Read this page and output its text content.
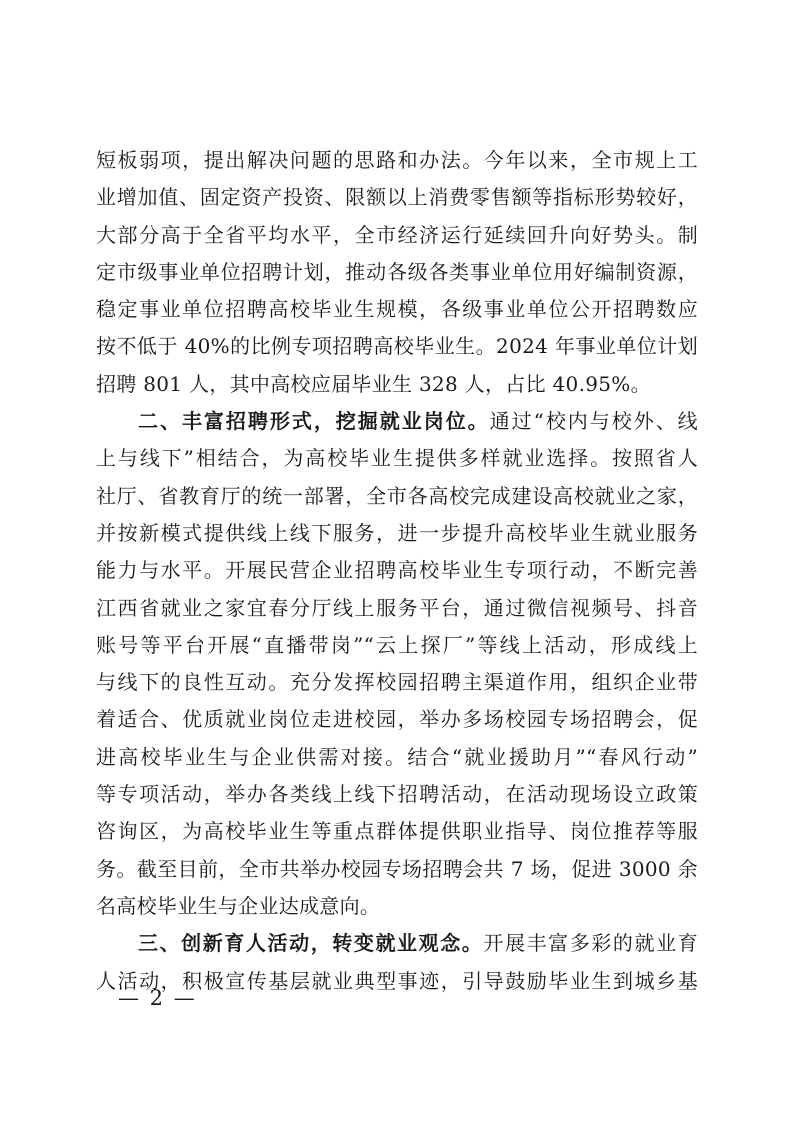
短板弱项，提出解决问题的思路和办法。今年以来，全市规上工
业增加值、固定资产投资、限额以上消费零售额等指标形势较好，
大部分高于全省平均水平，全市经济运行延续回升向好势头。制
定市级事业单位招聘计划，推动各级各类事业单位用好编制资源，
稳定事业单位招聘高校毕业生规模，各级事业单位公开招聘数应
按不低于 40%的比例专项招聘高校毕业生。2024 年事业单位计划
招聘 801 人，其中高校应届毕业生 328 人，占比 40.95%。
二、丰富招聘形式，挖掘就业岗位。通过“校内与校外、线
上与线下”相结合，为高校毕业生提供多样就业选择。按照省人
社厅、省教育厅的统一部署，全市各高校完成建设高校就业之家，
并按新模式提供线上线下服务，进一步提升高校毕业生就业服务
能力与水平。开展民营企业招聘高校毕业生专项行动，不断完善
江西省就业之家宜春分厅线上服务平台，通过微信视频号、抖音
账号等平台开展“直播带岗”“云上探厂”等线上活动，形成线上
与线下的良性互动。充分发挥校园招聘主渠道作用，组织企业带
着适合、优质就业岗位走进校园，举办多场校园专场招聘会，促
进高校毕业生与企业供需对接。结合“就业援助月”“春风行动”
等专项活动，举办各类线上线下招聘活动，在活动现场设立政策
咨询区，为高校毕业生等重点群体提供职业指导、岗位推荐等服
务。截至目前，全市共举办校园专场招聘会共 7 场，促进 3000 余
名高校毕业生与企业达成意向。
三、创新育人活动，转变就业观念。开展丰富多彩的就业育
人活动，积极宣传基层就业典型事迹，引导鼓励毕业生到城乡基
— 2 —
